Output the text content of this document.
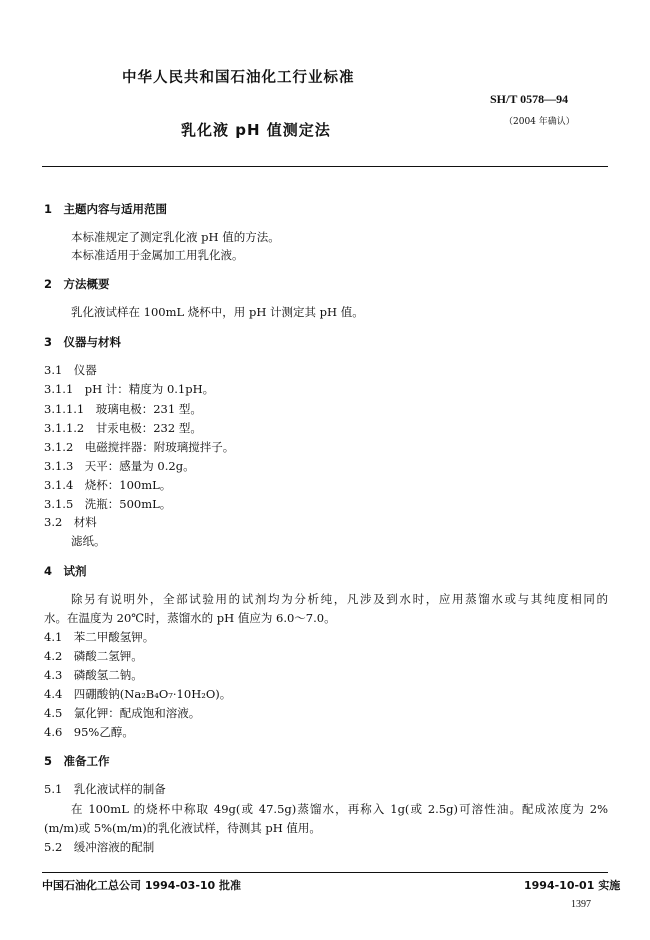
中华人民共和国石油化工行业标准
SH/T 0578—94
（2004 年确认）
乳化液 pH 值测定法
1　主题内容与适用范围
本标准规定了测定乳化液 pH 值的方法。
本标准适用于金属加工用乳化液。
2　方法概要
乳化液试样在 100mL 烧杯中，用 pH 计测定其 pH 值。
3　仪器与材料
3.1　仪器
3.1.1　pH 计：精度为 0.1pH。
3.1.1.1　玻璃电极：231 型。
3.1.1.2　甘汞电极：232 型。
3.1.2　电磁搅拌器：附玻璃搅拌子。
3.1.3　天平：感量为 0.2g。
3.1.4　烧杯：100mL。
3.1.5　洗瓶：500mL。
3.2　材料
滤纸。
4　试剂
除另有说明外，全部试验用的试剂均为分析纯，凡涉及到水时，应用蒸馏水或与其纯度相同的
水。在温度为 20℃时，蒸馏水的 pH 值应为 6.0～7.0。
4.1　苯二甲酸氢钾。
4.2　磷酸二氢钾。
4.3　磷酸氢二钠。
4.4　四硼酸钠(Na₂B₄O₇·10H₂O)。
4.5　氯化钾：配成饱和溶液。
4.6　95%乙醇。
5　准备工作
5.1　乳化液试样的制备
在 100mL 的烧杯中称取 49g(或 47.5g)蒸馏水，再称入 1g(或 2.5g)可溶性油。配成浓度为 2%
(m/m)或 5%(m/m)的乳化液试样，待测其 pH 值用。
5.2　缓冲溶液的配制
中国石油化工总公司 1994-03-10 批准	1994-10-01 实施
1397
